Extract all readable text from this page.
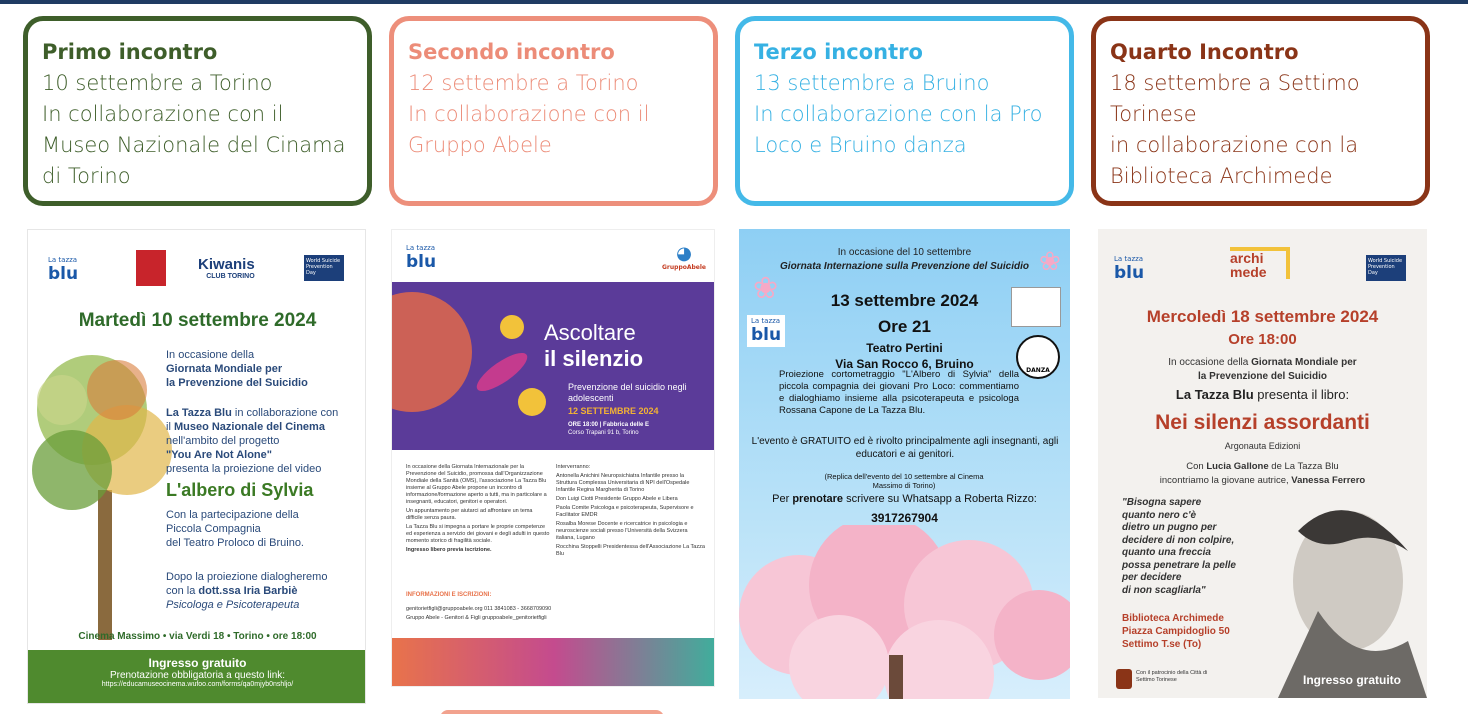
Primo incontro
10 settembre a Torino
In collaborazione con il
Museo Nazionale del Cinama
di Torino
Secondo incontro
12 settembre a Torino
In collaborazione con il
Gruppo Abele
Terzo incontro
13 settembre a Bruino
In collaborazione con la Pro
Loco e Bruino danza
Quarto Incontro
18 settembre a Settimo
Torinese
in collaborazione con la
Biblioteca Archimede
La tazza
blu	Kiwanis
CLUB TORINO
World Suicide Prevention Day
Martedì 10 settembre 2024
In occasione della
Giornata Mondiale per
la Prevenzione del Suicidio
La Tazza Blu in collaborazione con
il Museo Nazionale del Cinema
nell'ambito del progetto
"You Are Not Alone"
presenta la proiezione del video
L'albero di Sylvia
Con la partecipazione della
Piccola Compagnia
del Teatro Proloco di Bruino.
Dopo la proiezione dialogheremo
con la dott.ssa Iria Barbiè
Psicologa e Psicoterapeuta
Cinema Massimo • via Verdi 18 • Torino • ore 18:00
Ingresso gratuito
Prenotazione obbligatoria a questo link:
https://educamuseocinema.wufoo.com/forms/qa0mjyb0nshljo/
La tazza
blu	◕
GruppoAbele
Ascoltare
il silenzio
Prevenzione del suicidio negli adolescenti
12 SETTEMBRE 2024
ORE 18:00 | Fabbrica delle E
Corso Trapani 91 b, Torino
In occasione della Giornata Internazionale per la Prevenzione del Suicidio, promossa dall'Organizzazione Mondiale della Sanità (OMS), l'associazione La Tazza Blu insieme al Gruppo Abele propone un incontro di informazione/formazione aperto a tutti, ma in particolare a insegnanti, educatori, genitori e operatori.
Un appuntamento per aiutarci ad affrontare un tema difficile senza paura.
La Tazza Blu si impegna a portare le proprie competenze ed esperienza a servizio dei giovani e degli adulti in questo momento storico di fragilità sociale.
Ingresso libero previa iscrizione.
Interverranno:
Antonella Anichini Neuropsichiatra Infantile presso la Struttura Complessa Universitaria di NPI dell'Ospedale Infantile Regina Margherita di Torino
Don Luigi Ciotti Presidente Gruppo Abele e Libera
Paola Comite Psicologa e psicoterapeuta, Supervisore e Facilitator EMDR
Rosalba Morese Docente e ricercatrice in psicologia e neuroscienze sociali presso l'Università della Svizzera italiana, Lugano
Rocchina Stoppelli Presidentessa dell'Associazione La Tazza Blu
INFORMAZIONI E ISCRIZIONI:
genitorietfigli@gruppoabele.org 011 3841083 - 3668709090
Gruppo Abele - Genitori & Figli gruppoabele_genitorietfigli
In occasione del 10 settembre
Giornata Internazione sulla Prevenzione del Suicidio
13 settembre 2024
Ore 21
Teatro Pertini
Via San Rocco 6, Bruino
La tazza
blu
DANZA
❀
❀
Proiezione cortometraggio "L'Albero di Sylvia" della piccola compagnia dei giovani Pro Loco: commentiamo e dialoghiamo insieme alla psicoterapeuta e psicologa Rossana Capone de La Tazza Blu.
L'evento è GRATUITO ed è rivolto principalmente agli insegnanti, agli educatori e ai genitori.
(Replica dell'evento del 10 settembre al Cinema Massimo di Torino)
Per prenotare scrivere su Whatsapp a Roberta Rizzo:
3917267904
La tazza
blu
archi mede
World Suicide Prevention Day
Mercoledì 18 settembre 2024
Ore 18:00
In occasione della Giornata Mondiale per
la Prevenzione del Suicidio
La Tazza Blu presenta il libro:
Nei silenzi assordanti
Argonauta Edizioni
Con Lucia Gallone de La Tazza Blu
incontriamo la giovane autrice, Vanessa Ferrero
"Bisogna sapere
quanto nero c'è
dietro un pugno per
decidere di non colpire,
quanto una freccia
possa penetrare la pelle
per decidere
di non scagliarla"
Biblioteca Archimede
Piazza Campidoglio 50
Settimo T.se (To)
Con il patrocinio della Città di Settimo Torinese	Ingresso gratuito
